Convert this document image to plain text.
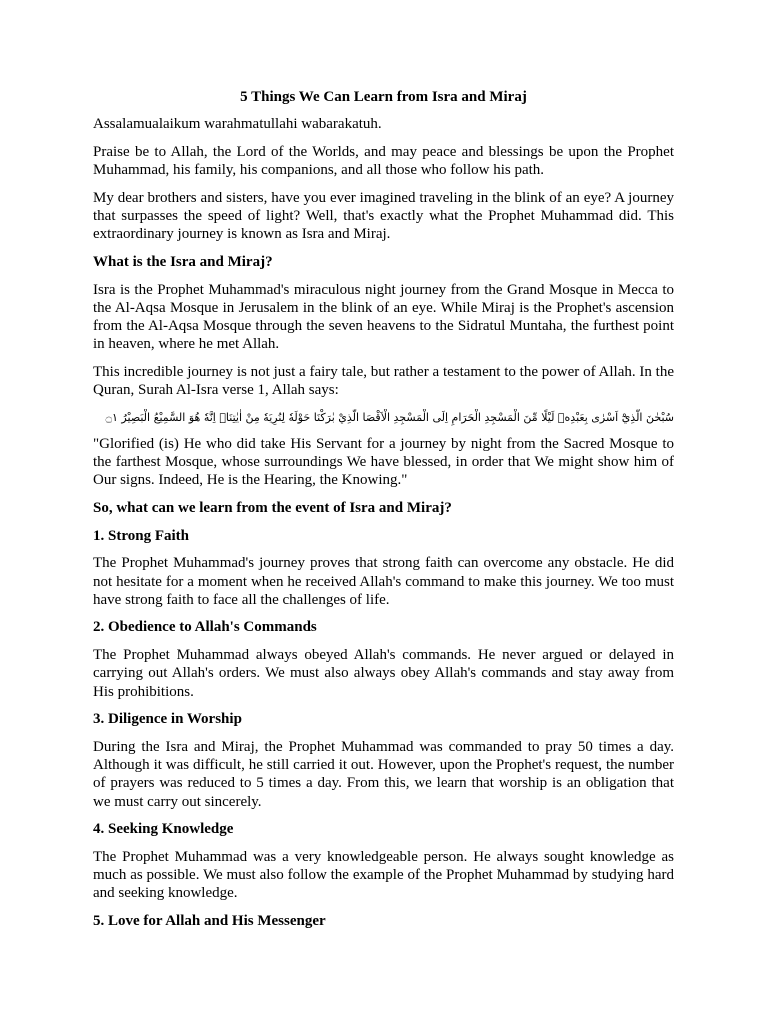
5 Things We Can Learn from Isra and Miraj

Assalamualaikum warahmatullahi wabarakatuh.

Praise be to Allah, the Lord of the Worlds, and may peace and blessings be upon the Prophet Muhammad, his family, his companions, and all those who follow his path.

My dear brothers and sisters, have you ever imagined traveling in the blink of an eye? A journey that surpasses the speed of light? Well, that's exactly what the Prophet Muhammad did. This extraordinary journey is known as Isra and Miraj.

What is the Isra and Miraj?

Isra is the Prophet Muhammad's miraculous night journey from the Grand Mosque in Mecca to the Al-Aqsa Mosque in Jerusalem in the blink of an eye. While Miraj is the Prophet's ascension from the Al-Aqsa Mosque through the seven heavens to the Sidratul Muntaha, the furthest point in heaven, where he met Allah.

This incredible journey is not just a fairy tale, but rather a testament to the power of Allah. In the Quran, Surah Al-Isra verse 1, Allah says:

سُبْحٰنَ الَّذِيْٓ اَسْرٰى بِعَبْدِهٖ لَيْلًا مِّنَ الْمَسْجِدِ الْحَرَامِ اِلَى الْمَسْجِدِ الْاَقْصَا الَّذِيْ بٰرَكْنَا حَوْلَهٗ لِنُرِيَهٗ مِنْ اٰيٰتِنَاۗ اِنَّهٗ هُوَ السَّمِيْعُ الْبَصِيْرُ ۝١

"Glorified (is) He who did take His Servant for a journey by night from the Sacred Mosque to the farthest Mosque, whose surroundings We have blessed, in order that We might show him of Our signs. Indeed, He is the Hearing, the Knowing."

So, what can we learn from the event of Isra and Miraj?
1. Strong Faith

The Prophet Muhammad's journey proves that strong faith can overcome any obstacle. He did not hesitate for a moment when he received Allah's command to make this journey. We too must have strong faith to face all the challenges of life.

2. Obedience to Allah's Commands

The Prophet Muhammad always obeyed Allah's commands. He never argued or delayed in carrying out Allah's orders. We must also always obey Allah's commands and stay away from His prohibitions.

3. Diligence in Worship

During the Isra and Miraj, the Prophet Muhammad was commanded to pray 50 times a day. Although it was difficult, he still carried it out. However, upon the Prophet's request, the number of prayers was reduced to 5 times a day. From this, we learn that worship is an obligation that we must carry out sincerely.

4. Seeking Knowledge

The Prophet Muhammad was a very knowledgeable person. He always sought knowledge as much as possible. We must also follow the example of the Prophet Muhammad by studying hard and seeking knowledge.

5. Love for Allah and His Messenger
